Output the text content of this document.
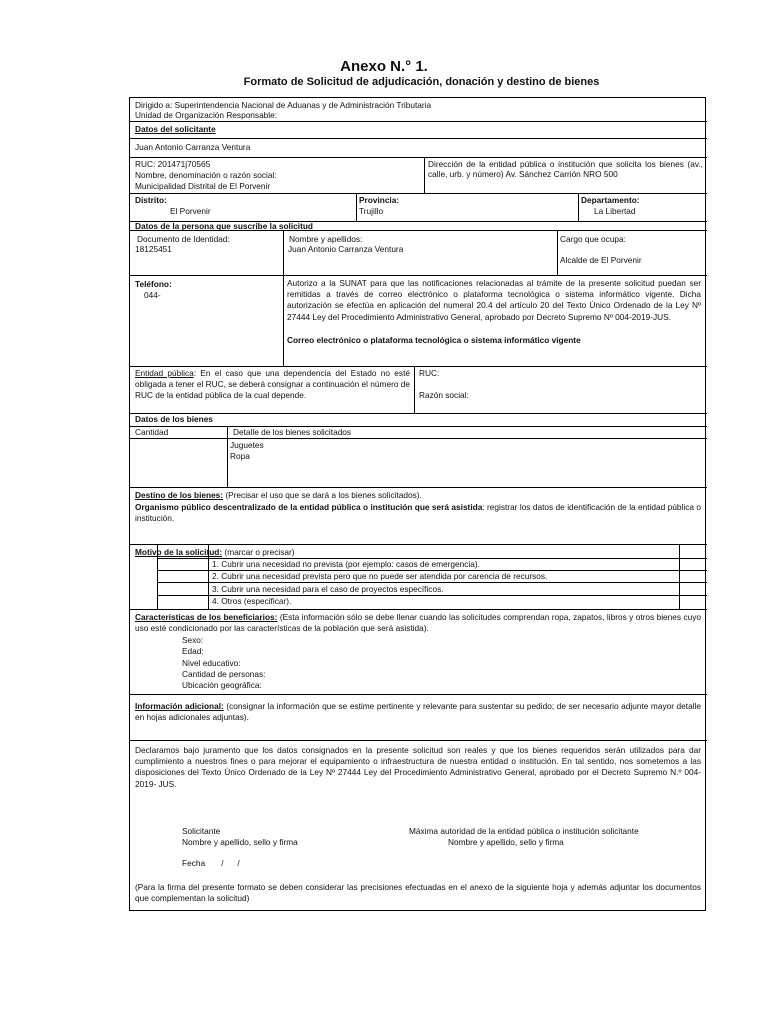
Anexo N.° 1.
Formato de Solicitud de adjudicación, donación y destino de bienes
Dirigido a: Superintendencia Nacional de Aduanas y de Administración Tributaria
Unidad de Organización Responsable:
Datos del solicitante
Juan Antonio Carranza Ventura
RUC: 201471j70565
Nombre, denominación o razón social:
Municipalidad Distrital de El Porvenir
Dirección de la entidad pública o institución que solicita los bienes (av., calle, urb. y número) Av. Sánchez Carrión NRO 500
Distrito:
El Porvenir
Provincia:
Trujillo
Departamento:
La Libertad
Datos de la persona que suscribe la solicitud
Documento de Identidad:
18125451
Nombre y apellidos:
Juan Antonio Carranza Ventura
Cargo que ocupa:
Alcalde de El Porvenir
Teléfono:
044-
Autorizo a la SUNAT para que las notificaciones relacionadas al trámite de la presente solicitud puedan ser remitidas a través de correo electrónico o plataforma tecnológica o sistema informático vigente. Dicha autorización se efectúa en aplicación del numeral 20.4 del artículo 20 del Texto Único Ordenado de la Ley Nº 27444 Ley del Procedimiento Administrativo General, aprobado por Decreto Supremo Nº 004-2019-JUS.
Correo electrónico o plataforma tecnológica o sistema informático vigente
Entidad pública: En el caso que una dependencia del Estado no esté obligada a tener el RUC, se deberá consignar a continuación el número de RUC de la entidad pública de la cual depende.
RUC:
Razón social:
Datos de los bienes
Cantidad	Detalle de los bienes solicitados
Juguetes
Ropa
Destino de los bienes: (Precisar el uso que se dará a los bienes solicitados).
Organismo público descentralizado de la entidad pública o institución que será asistida: registrar los datos de identificación de la entidad pública o institución.
Motivo de la solicitud: (marcar o precisar)
1. Cubrir una necesidad no prevista (por ejemplo: casos de emergencia).
2. Cubrir una necesidad prevista pero que no puede ser atendida por carencia de recursos.
3. Cubrir una necesidad para el caso de proyectos específicos.
4. Otros (especificar).
Características de los beneficiarios: (Esta información sólo se debe llenar cuando las solicitudes comprendan ropa, zapatos, libros y otros bienes cuyo uso esté condicionado por las características de la población que será asistida).
Sexo:
Edad:
Nivel educativo:
Cantidad de personas:
Ubicación geográfica:
Información adicional: (consignar la información que se estime pertinente y relevante para sustentar su pedido; de ser necesario adjunte mayor detalle en hojas adicionales adjuntas).
Declaramos bajo juramento que los datos consignados en la presente solicitud son reales y que los bienes requeridos serán utilizados para dar cumplimiento a nuestros fines o para mejorar el equipamiento o infraestructura de nuestra entidad o institución. En tal sentido, nos sometemos a las disposiciones del Texto Único Ordenado de la Ley Nº 27444 Ley del Procedimiento Administrativo General, aprobado por el Decreto Supremo N.º 004-2019- JUS.
Solicitante
Nombre y apellido, sello y firma
Máxima autoridad de la entidad pública o institución solicitante
Nombre y apellido, sello y firma
Fecha       /      /
(Para la firma del presente formato se deben considerar las precisiones efectuadas en el anexo de la siguiente hoja y además adjuntar los documentos que complementan la solicitud)
